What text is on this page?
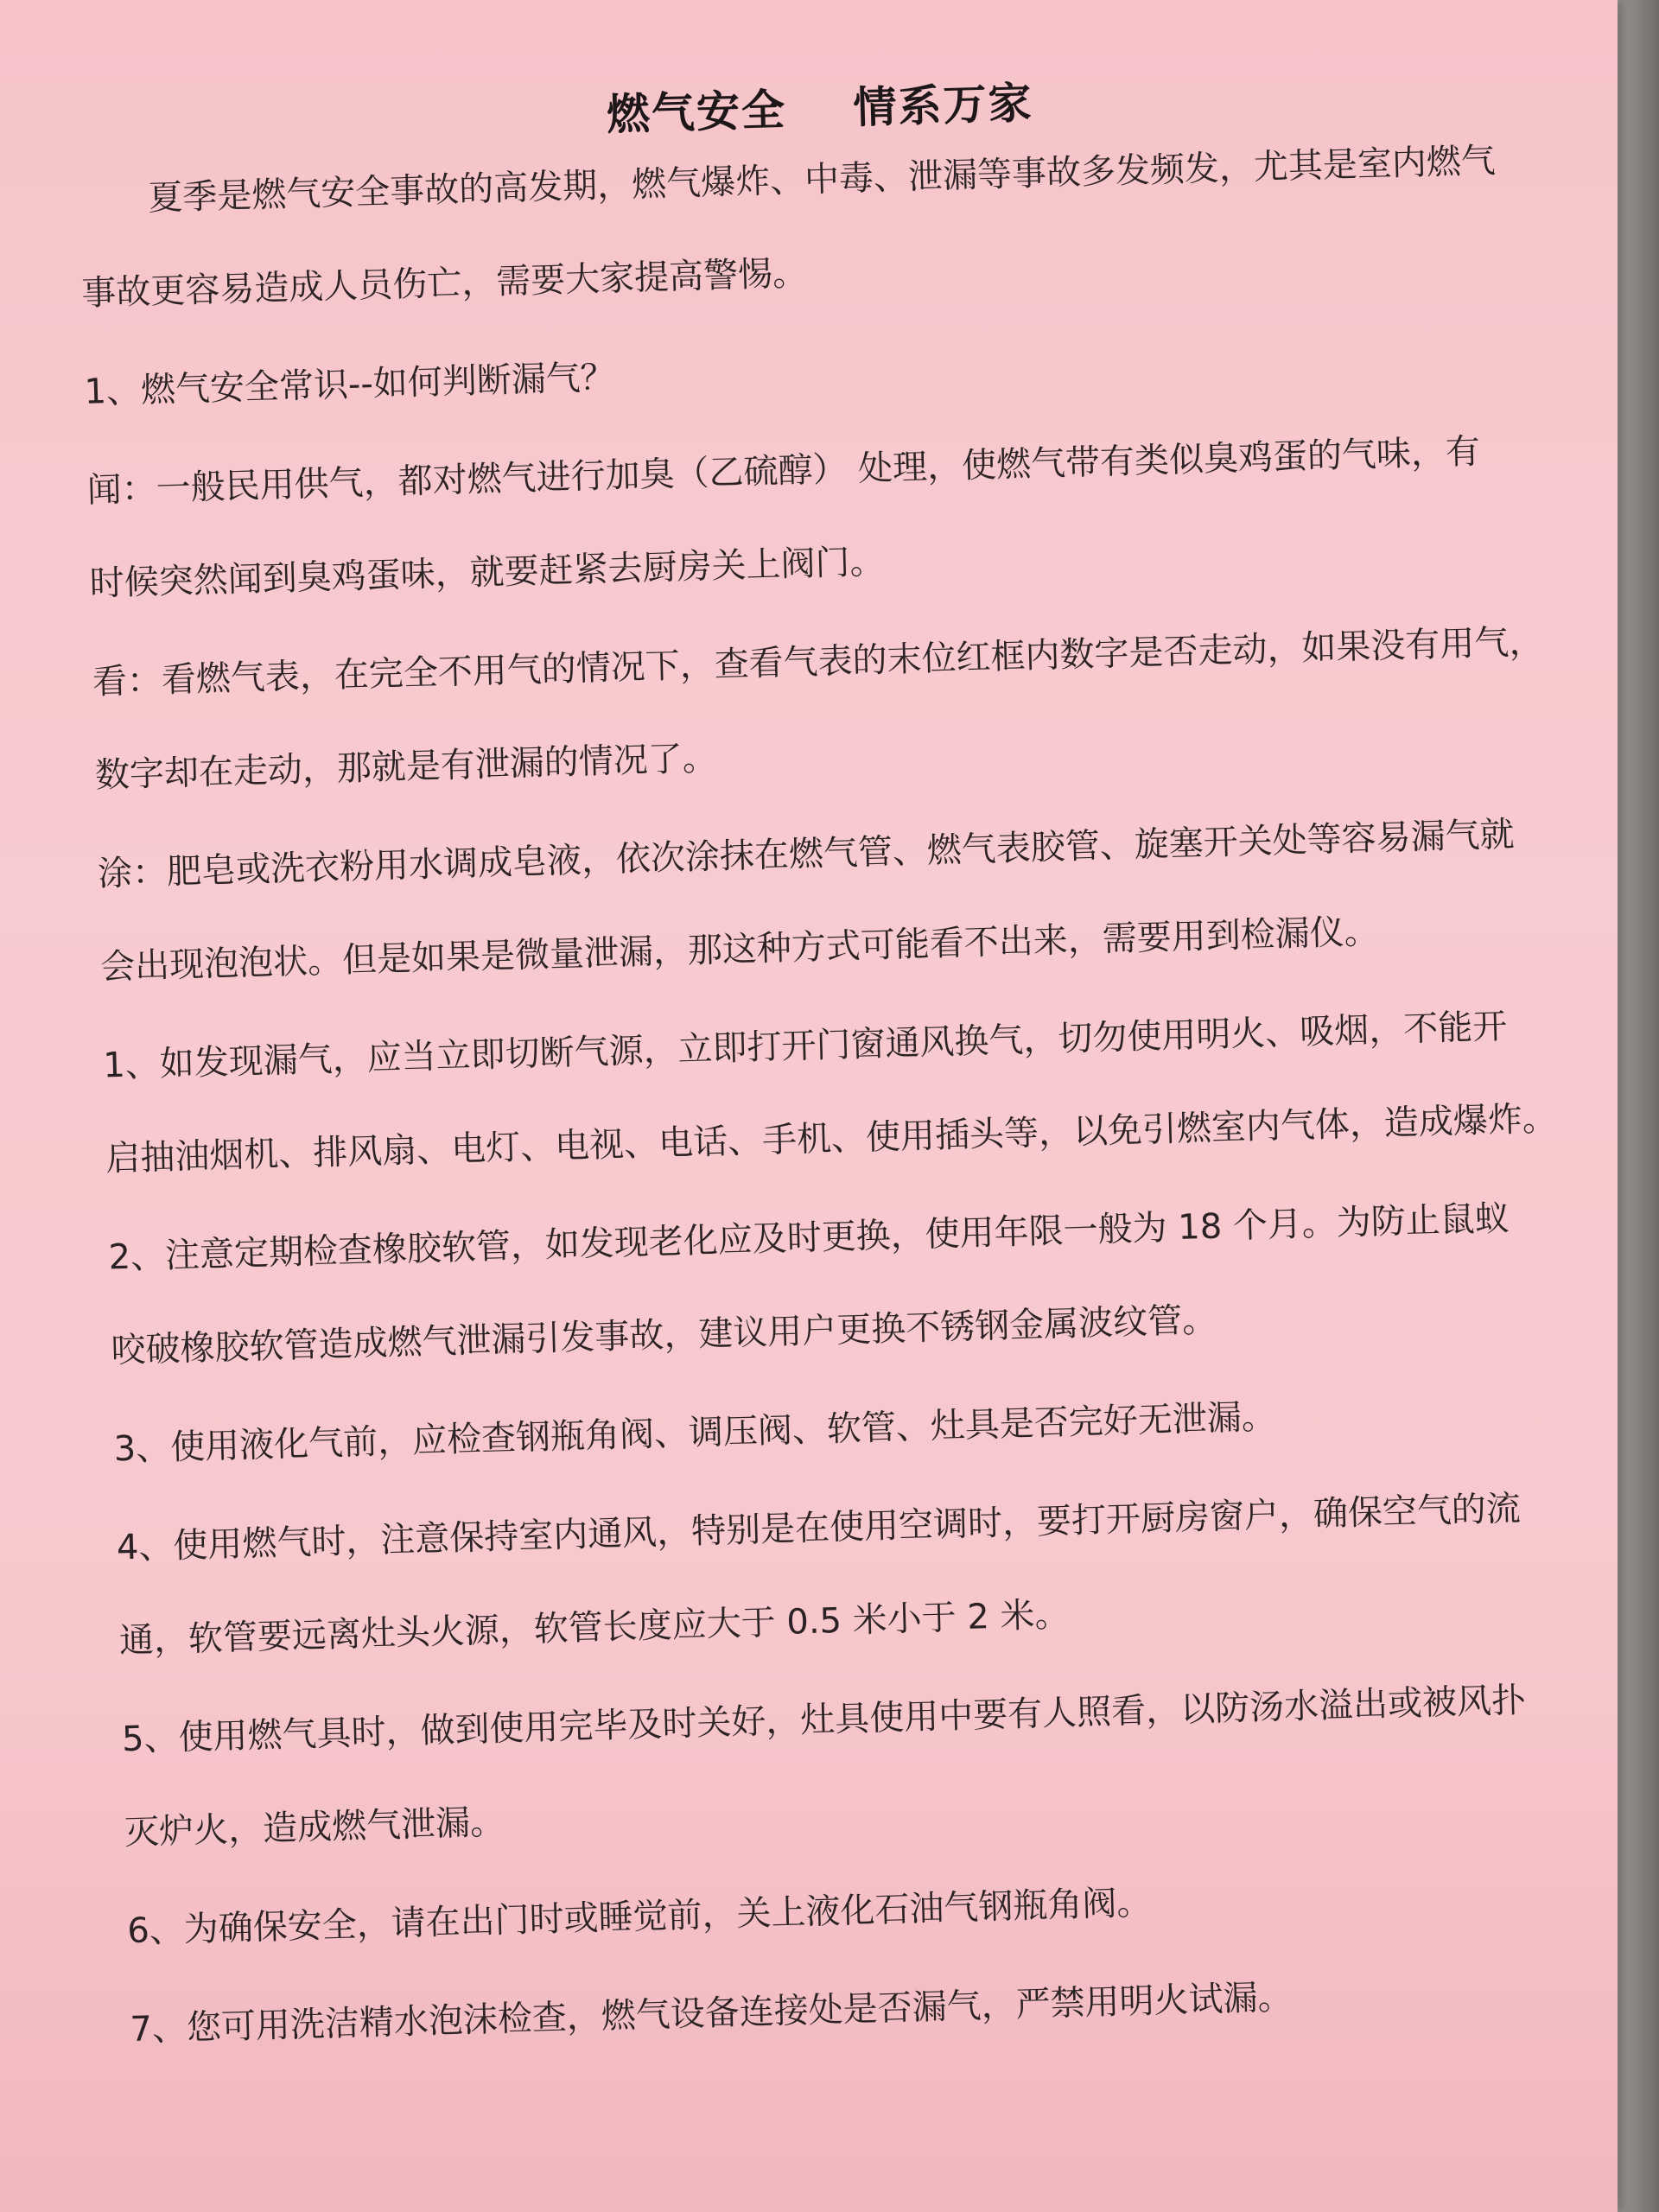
燃气安全    情系万家

夏季是燃气安全事故的高发期，燃气爆炸、中毒、泄漏等事故多发频发，尤其是室内燃气

事故更容易造成人员伤亡，需要大家提高警惕。

1、燃气安全常识--如何判断漏气？

闻：一般民用供气，都对燃气进行加臭（乙硫醇） 处理，使燃气带有类似臭鸡蛋的气味，有

时候突然闻到臭鸡蛋味，就要赶紧去厨房关上阀门。

看：看燃气表，在完全不用气的情况下，查看气表的末位红框内数字是否走动，如果没有用气，

数字却在走动，那就是有泄漏的情况了。

涂：肥皂或洗衣粉用水调成皂液，依次涂抹在燃气管、燃气表胶管、旋塞开关处等容易漏气就

会出现泡泡状。但是如果是微量泄漏，那这种方式可能看不出来，需要用到检漏仪。

1、如发现漏气，应当立即切断气源，立即打开门窗通风换气，切勿使用明火、吸烟，不能开

启抽油烟机、排风扇、电灯、电视、电话、手机、使用插头等，以免引燃室内气体，造成爆炸。

2、注意定期检查橡胶软管，如发现老化应及时更换，使用年限一般为 18 个月。为防止鼠蚁

咬破橡胶软管造成燃气泄漏引发事故，建议用户更换不锈钢金属波纹管。

3、使用液化气前，应检查钢瓶角阀、调压阀、软管、灶具是否完好无泄漏。

4、使用燃气时，注意保持室内通风，特别是在使用空调时，要打开厨房窗户，确保空气的流

通，软管要远离灶头火源，软管长度应大于 0.5 米小于 2 米。

5、使用燃气具时，做到使用完毕及时关好，灶具使用中要有人照看，以防汤水溢出或被风扑

灭炉火，造成燃气泄漏。

6、为确保安全，请在出门时或睡觉前，关上液化石油气钢瓶角阀。

7、您可用洗洁精水泡沫检查，燃气设备连接处是否漏气，严禁用明火试漏。
